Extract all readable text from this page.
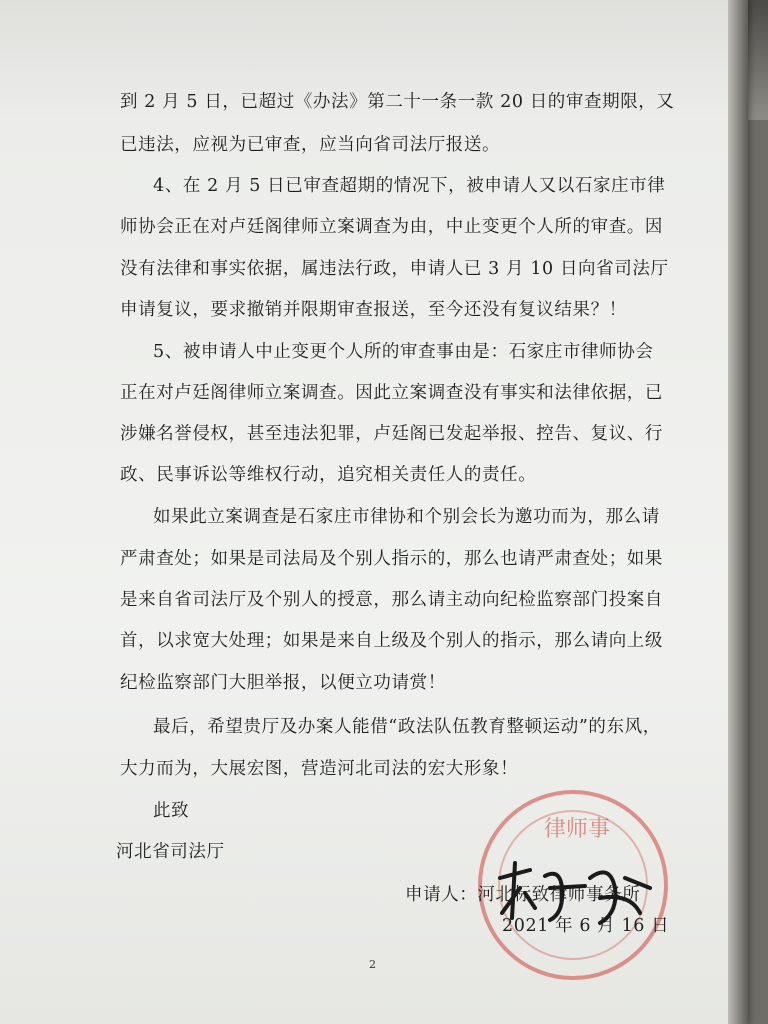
到 2 月 5 日，已超过《办法》第二十一条一款 20 日的审查期限，又
已违法，应视为已审查，应当向省司法厅报送。
4、在 2 月 5 日已审查超期的情况下，被申请人又以石家庄市律
师协会正在对卢廷阁律师立案调查为由，中止变更个人所的审查。因
没有法律和事实依据，属违法行政，申请人已 3 月 10 日向省司法厅
申请复议，要求撤销并限期审查报送，至今还没有复议结果？！
5、被申请人中止变更个人所的审查事由是：石家庄市律师协会
正在对卢廷阁律师立案调查。因此立案调查没有事实和法律依据，已
涉嫌名誉侵权，甚至违法犯罪，卢廷阁已发起举报、控告、复议、行
政、民事诉讼等维权行动，追究相关责任人的责任。
如果此立案调查是石家庄市律协和个别会长为邀功而为，那么请
严肃查处；如果是司法局及个别人指示的，那么也请严肃查处；如果
是来自省司法厅及个别人的授意，那么请主动向纪检监察部门投案自
首，以求宽大处理；如果是来自上级及个别人的指示，那么请向上级
纪检监察部门大胆举报，以便立功请赏！
最后，希望贵厅及办案人能借“政法队伍教育整顿运动”的东风，
大力而为，大展宏图，营造河北司法的宏大形象！
此致
河北省司法厅
律师事
申请人：河北标致律师事务所
2021 年 6 月 16 日
2
